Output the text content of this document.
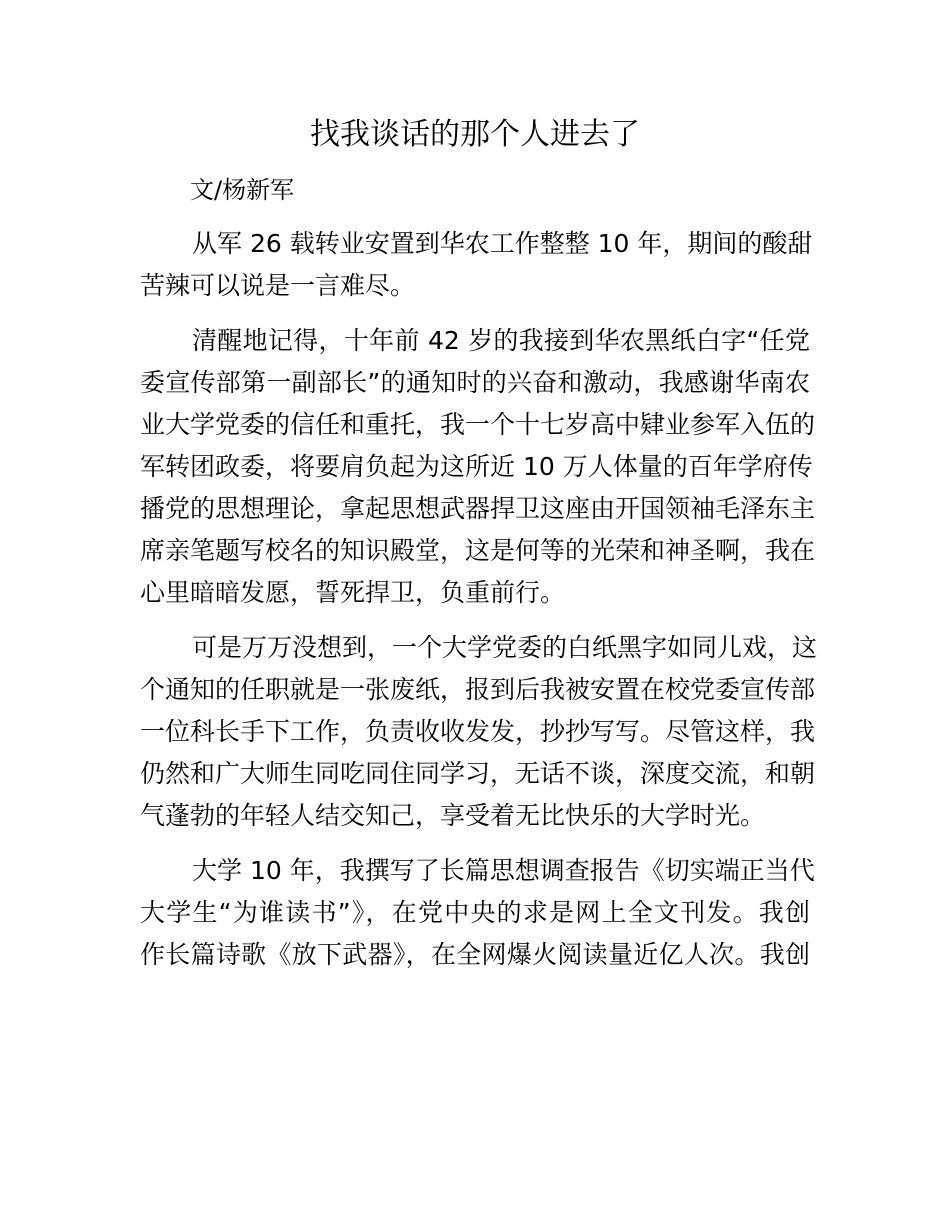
找我谈话的那个人进去了
文/杨新军
从军 26 载转业安置到华农工作整整 10 年，期间的酸甜
苦辣可以说是一言难尽。
清醒地记得，十年前 42 岁的我接到华农黑纸白字“任党
委宣传部第一副部长”的通知时的兴奋和激动，我感谢华南农
业大学党委的信任和重托，我一个十七岁高中肄业参军入伍的
军转团政委，将要肩负起为这所近 10 万人体量的百年学府传
播党的思想理论，拿起思想武器捍卫这座由开国领袖毛泽东主
席亲笔题写校名的知识殿堂，这是何等的光荣和神圣啊，我在
心里暗暗发愿，誓死捍卫，负重前行。
可是万万没想到，一个大学党委的白纸黑字如同儿戏，这
个通知的任职就是一张废纸，报到后我被安置在校党委宣传部
一位科长手下工作，负责收收发发，抄抄写写。尽管这样，我
仍然和广大师生同吃同住同学习，无话不谈，深度交流，和朝
气蓬勃的年轻人结交知己，享受着无比快乐的大学时光。
大学 10 年，我撰写了长篇思想调查报告《切实端正当代
大学生“为谁读书”》，在党中央的求是网上全文刊发。我创
作长篇诗歌《放下武器》，在全网爆火阅读量近亿人次。我创
